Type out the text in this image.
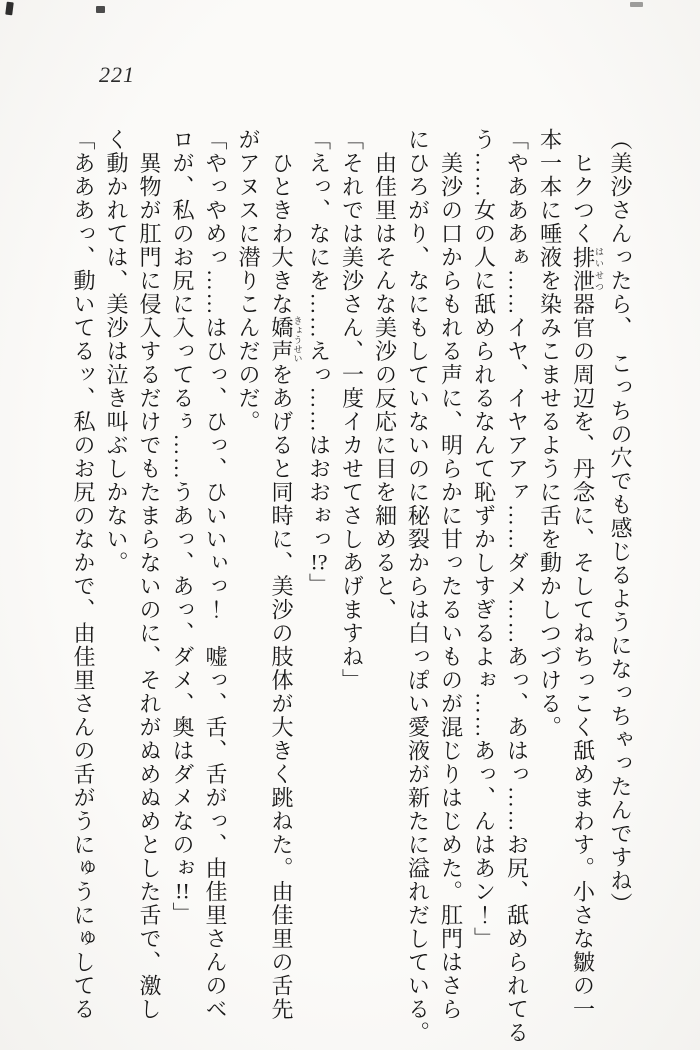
221

（美沙さんったら、　こっちの穴でも感じるようになっちゃったんですね）

　ヒクつく排泄はいせつ器官の周辺を、丹念に、そしてねちっこく舐めまわす。小さな皺の一

本一本に唾液を染みこませるように舌を動かしつづける。

「やあああぁ……イヤ、イヤアアァ……ダメ……あっ、あはっ……お尻、舐められてる

う……女の人に舐められるなんて恥ずかしすぎるよぉ……あっ、んはあン！」

　美沙の口からもれる声に、明らかに甘ったるいものが混じりはじめた。肛門はさら

にひろがり、なにもしていないのに秘裂からは白っぽい愛液が新たに溢れだしている。

　由佳里はそんな美沙の反応に目を細めると、

「それでは美沙さん、一度イカせてさしあげますね」

「えっ、なにを……えっ……はおおぉっ!?」

　ひときわ大きな嬌声きょうせいをあげると同時に、美沙の肢体が大きく跳ねた。由佳里の舌先

がアヌスに潜りこんだのだ。

「やっやめっ……はひっ、ひっ、ひいいぃっ！　嘘っ、舌、舌がっ、由佳里さんのベ

ロが、私のお尻に入ってるぅ……うあっ、あっ、ダメ、奥はダメなのぉ!!」

　異物が肛門に侵入するだけでもたまらないのに、それがぬめぬめとした舌で、激し

く動かれては、美沙は泣き叫ぶしかない。

「あああっ、動いてるッ、私のお尻のなかで、由佳里さんの舌がうにゅうにゅしてる
